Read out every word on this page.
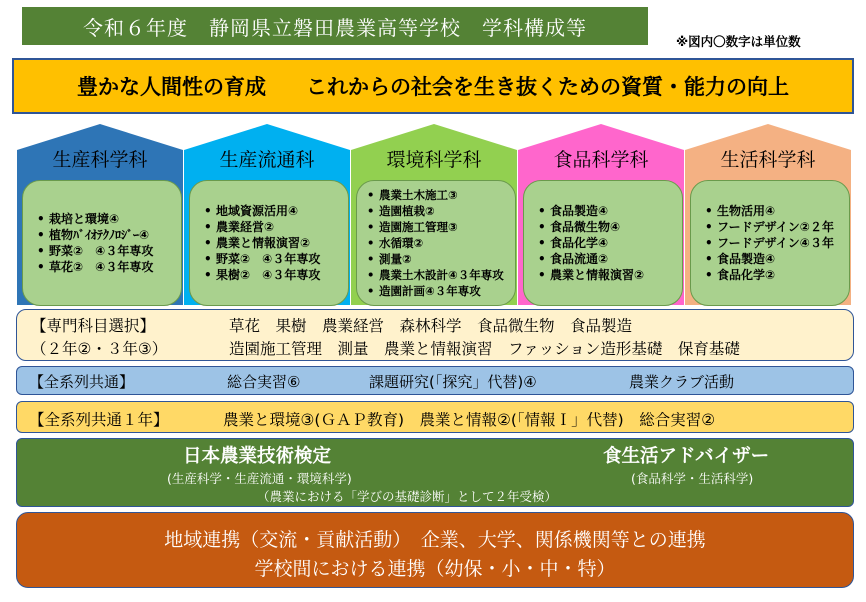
令和６年度　静岡県立磐田農業高等学校　学科構成等
※図内〇数字は単位数
豊かな人間性の育成 これからの社会を生き抜くための資質・能力の向上
生産科学科	生産流通科	環境科学科	食品科学科	生活科学科
• 栽培と環境④
• 植物ﾊﾞｲｵﾃｸﾉﾛｼﾞｰ④
• 野菜②　④３年専攻
• 草花②　④３年専攻
• 地域資源活用④
• 農業経営②
• 農業と情報演習②
• 野菜②　④３年専攻
• 果樹②　④３年専攻
• 農業土木施工③
• 造園植栽②
• 造園施工管理③
• 水循環②
• 測量②
• 農業土木設計④３年専攻
• 造園計画④３年専攻
• 食品製造④
• 食品微生物④
• 食品化学④
• 食品流通②
• 農業と情報演習②
• 生物活用④
• フードデザイン②２年
• フードデザイン④３年
• 食品製造④
• 食品化学②
【専門科目選択】	草花　果樹　農業経営　森林科学　食品微生物　食品製造
（２年②・３年③）	造園施工管理　測量　農業と情報演習　ファッション造形基礎　保育基礎
【全系列共通】	総合実習⑥	課題研究(「探究」代替)④	農業クラブ活動
【全系列共通１年】	農業と環境③(ＧＡＰ教育)　農業と情報②(「情報Ｉ」代替)　総合実習②
日本農業技術検定
(生産科学・生産流通・環境科学)
（農業における「学びの基礎診断」として２年受検）
食生活アドバイザー
(食品科学・生活科学)
地域連携（交流・貢献活動）　企業、大学、関係機関等との連携
学校間における連携（幼保・小・中・特）
